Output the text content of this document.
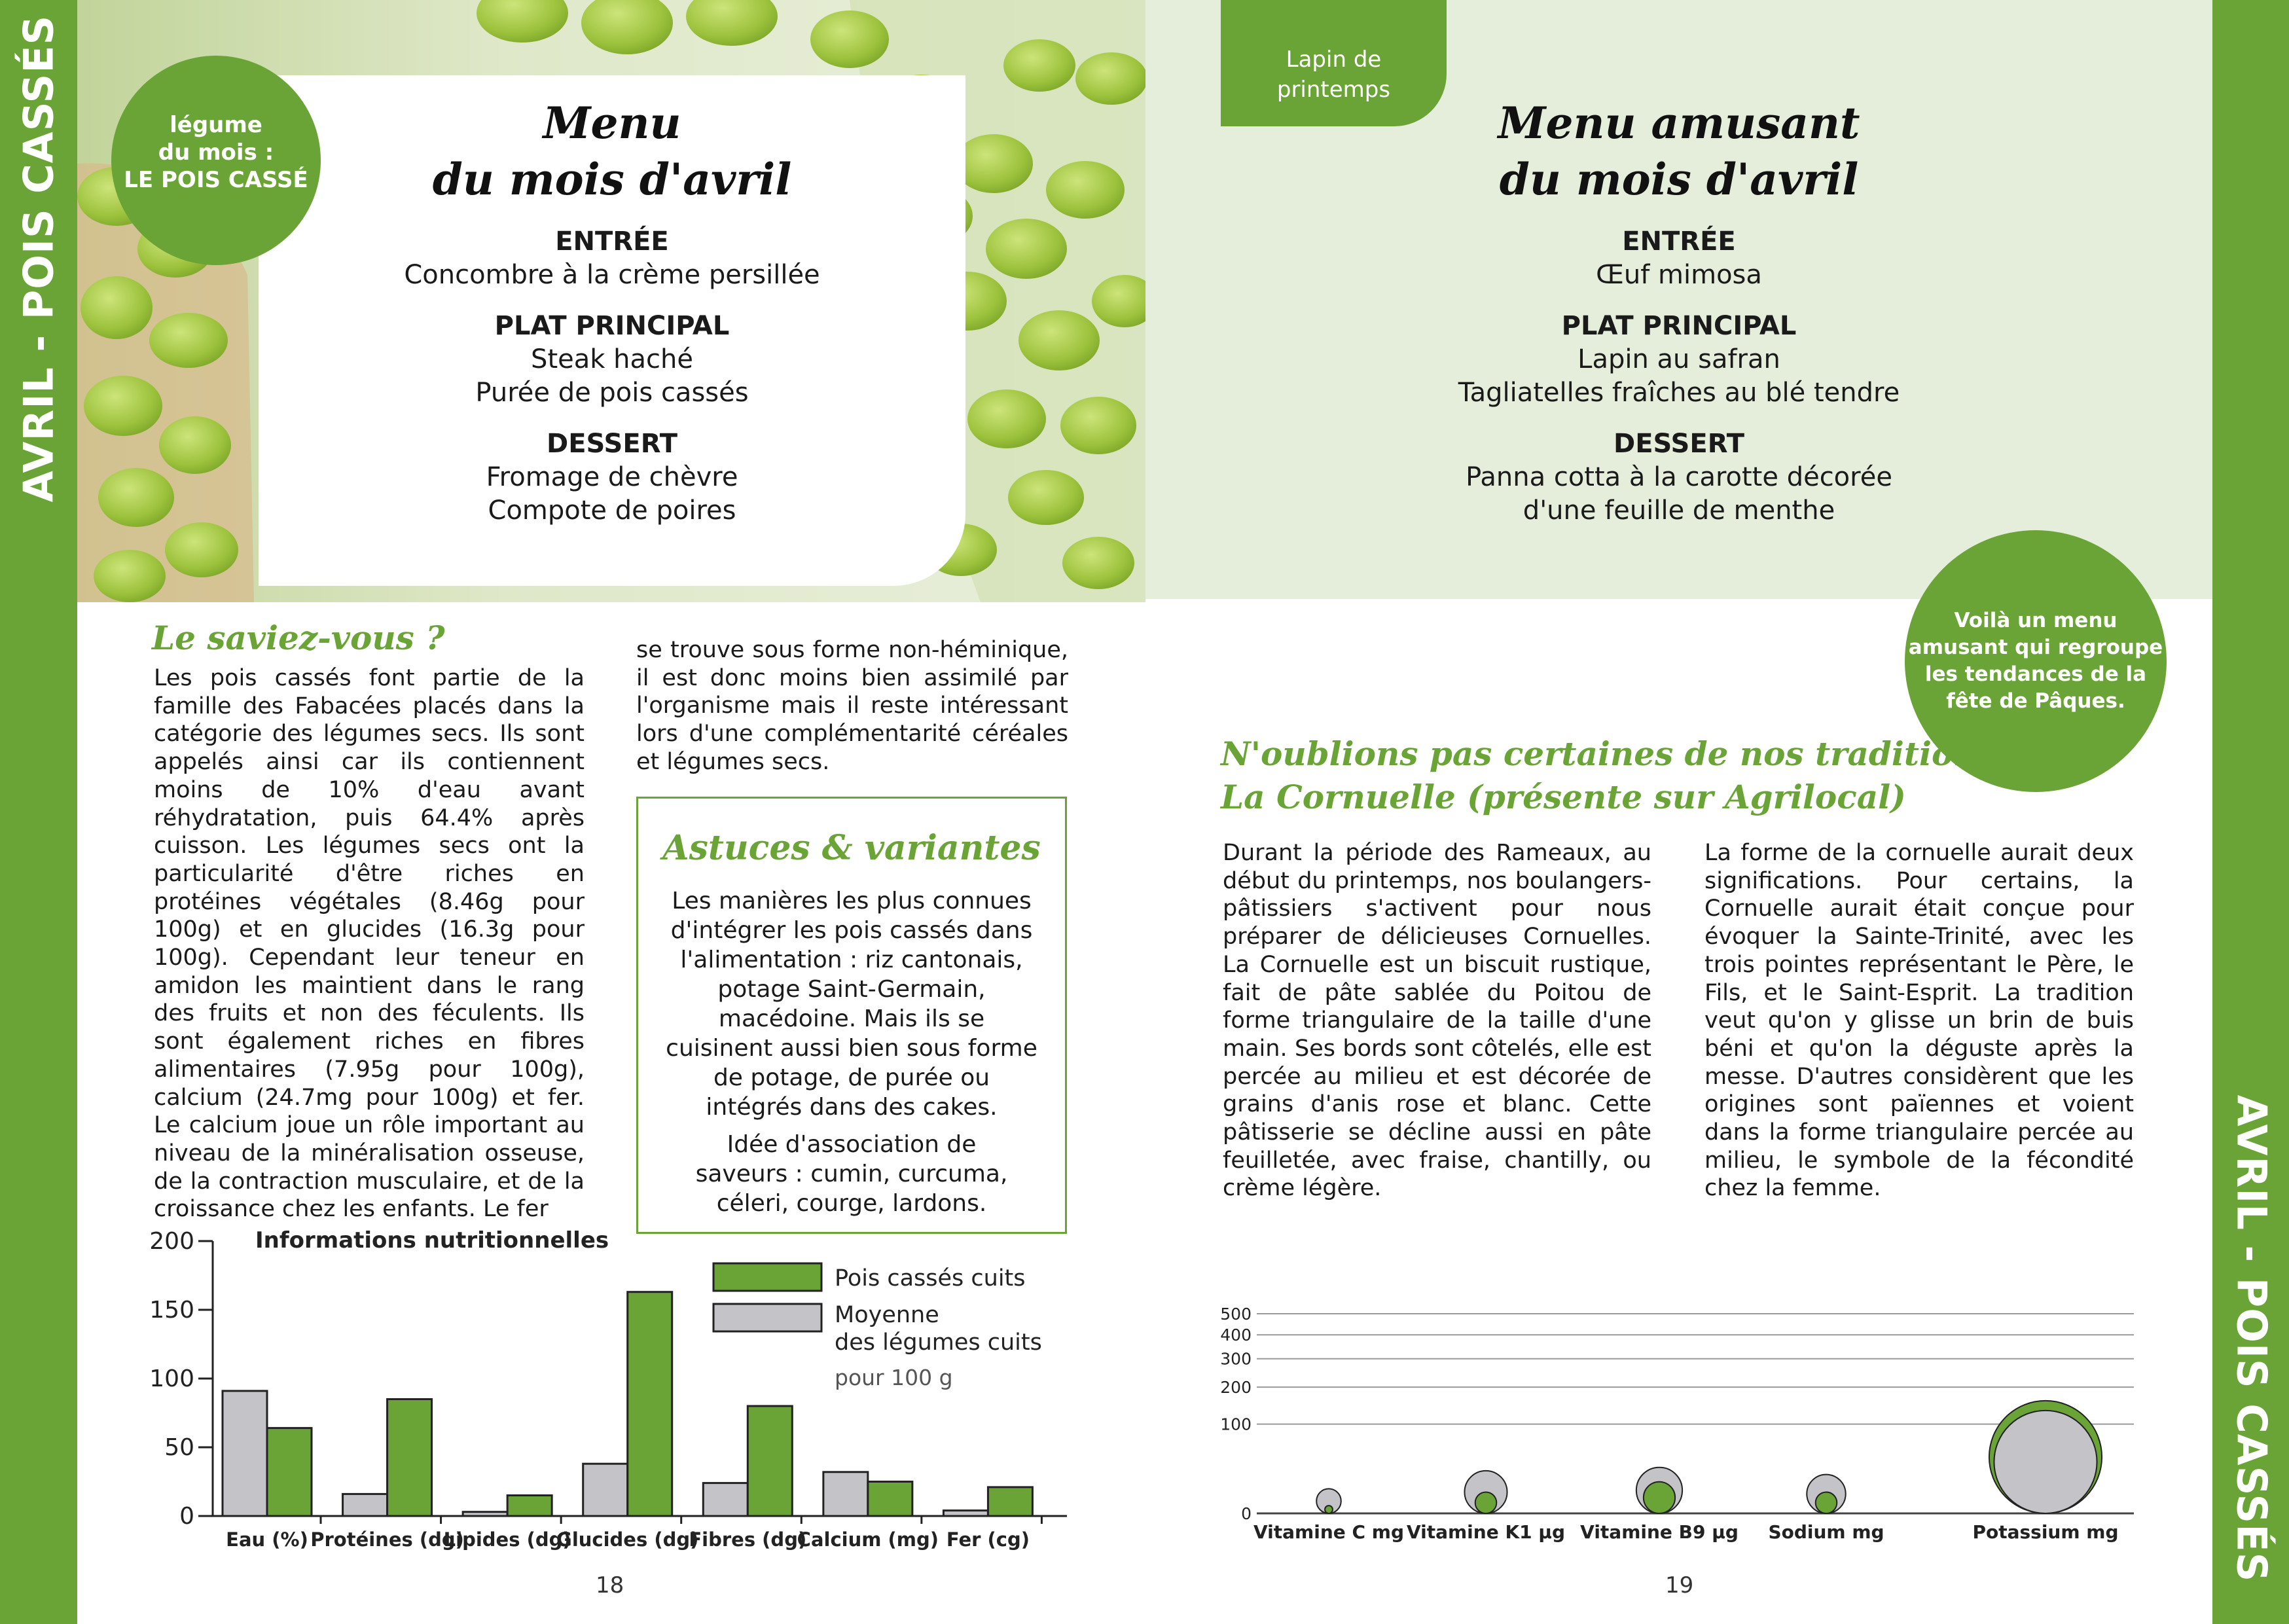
AVRIL - POIS CASSÉS	Menu
du mois d'avril
ENTRÉE
Concombre à la crème persillée
PLAT PRINCIPAL
Steak haché
Purée de pois cassés
DESSERT
Fromage de chèvre
Compote de poires
légume
du mois :
LE POIS CASSÉ
Le saviez-vous ?
Les pois cassés font partie de la famille des Fabacées placés dans la catégorie des légumes secs. Ils sont appelés ainsi car ils contiennent moins de 10% d'eau avant réhydratation, puis 64.4% après cuisson. Les légumes secs ont la particularité d'être riches en protéines végétales (8.46g pour 100g) et en glucides (16.3g pour 100g). Cependant leur teneur en amidon les maintient dans le rang des fruits et non des féculents. Ils sont également riches en fibres alimentaires (7.95g pour 100g), calcium (24.7mg pour 100g) et fer. Le calcium joue un rôle important au niveau de la minéralisation osseuse, de la contraction musculaire, et de la croissance chez les enfants. Le fer
se trouve sous forme non-héminique, il est donc moins bien assimilé par l'organisme mais il reste intéressant lors d'une complémentarité céréales et légumes secs.
Astuces & variantes
Les manières les plus connues d'intégrer les pois cassés dans l'alimentation : riz cantonais, potage Saint-Germain, macédoine. Mais ils se cuisinent aussi bien sous forme de potage, de purée ou intégrés dans des cakes.
Idée d'association de saveurs : cumin, curcuma, céleri, courge, lardons.
0
50
100
150
200	Informations nutritionnelles
Eau (%) Protéines (dg)
Lipides (dg)
Glucides (dg)
Fibres (dg)
Calcium (mg) Fer (cg)
Pois cassés cuits
Moyenne
des légumes cuits
pour 100 g
18
AVRIL - POIS CASSÉS
Lapin de
printemps
Menu amusant
du mois d'avril
ENTRÉE
Œuf mimosa
PLAT PRINCIPAL
Lapin au safran
Tagliatelles fraîches au blé tendre
DESSERT
Panna cotta à la carotte décorée
d'une feuille de menthe
Voilà un menu
amusant qui regroupe
les tendances de la
fête de Pâques.
N'oublions pas certaines de nos traditions :
La Cornuelle (présente sur Agrilocal)
Durant la période des Rameaux, au début du printemps, nos boulangers-pâtissiers s'activent pour nous préparer de délicieuses Cornuelles. La Cornuelle est un biscuit rustique, fait de pâte sablée du Poitou de forme triangulaire de la taille d'une main. Ses bords sont côtelés, elle est percée au milieu et est décorée de grains d'anis rose et blanc. Cette pâtisserie se décline aussi en pâte feuilletée, avec fraise, chantilly, ou crème légère.
La forme de la cornuelle aurait deux significations. Pour certains, la Cornuelle aurait était conçue pour évoquer la Sainte-Trinité, avec les trois pointes représentant le Père, le Fils, et le Saint-Esprit. La tradition veut qu'on y glisse un brin de buis béni et qu'on la déguste après la messe. D'autres considèrent que les origines sont païennes et voient dans la forme triangulaire percée au milieu, le symbole de la fécondité chez la femme.
0
100
200
300
400
500
Vitamine C mg Vitamine K1 µg Vitamine B9 µg Sodium mg	Potassium mg
19
